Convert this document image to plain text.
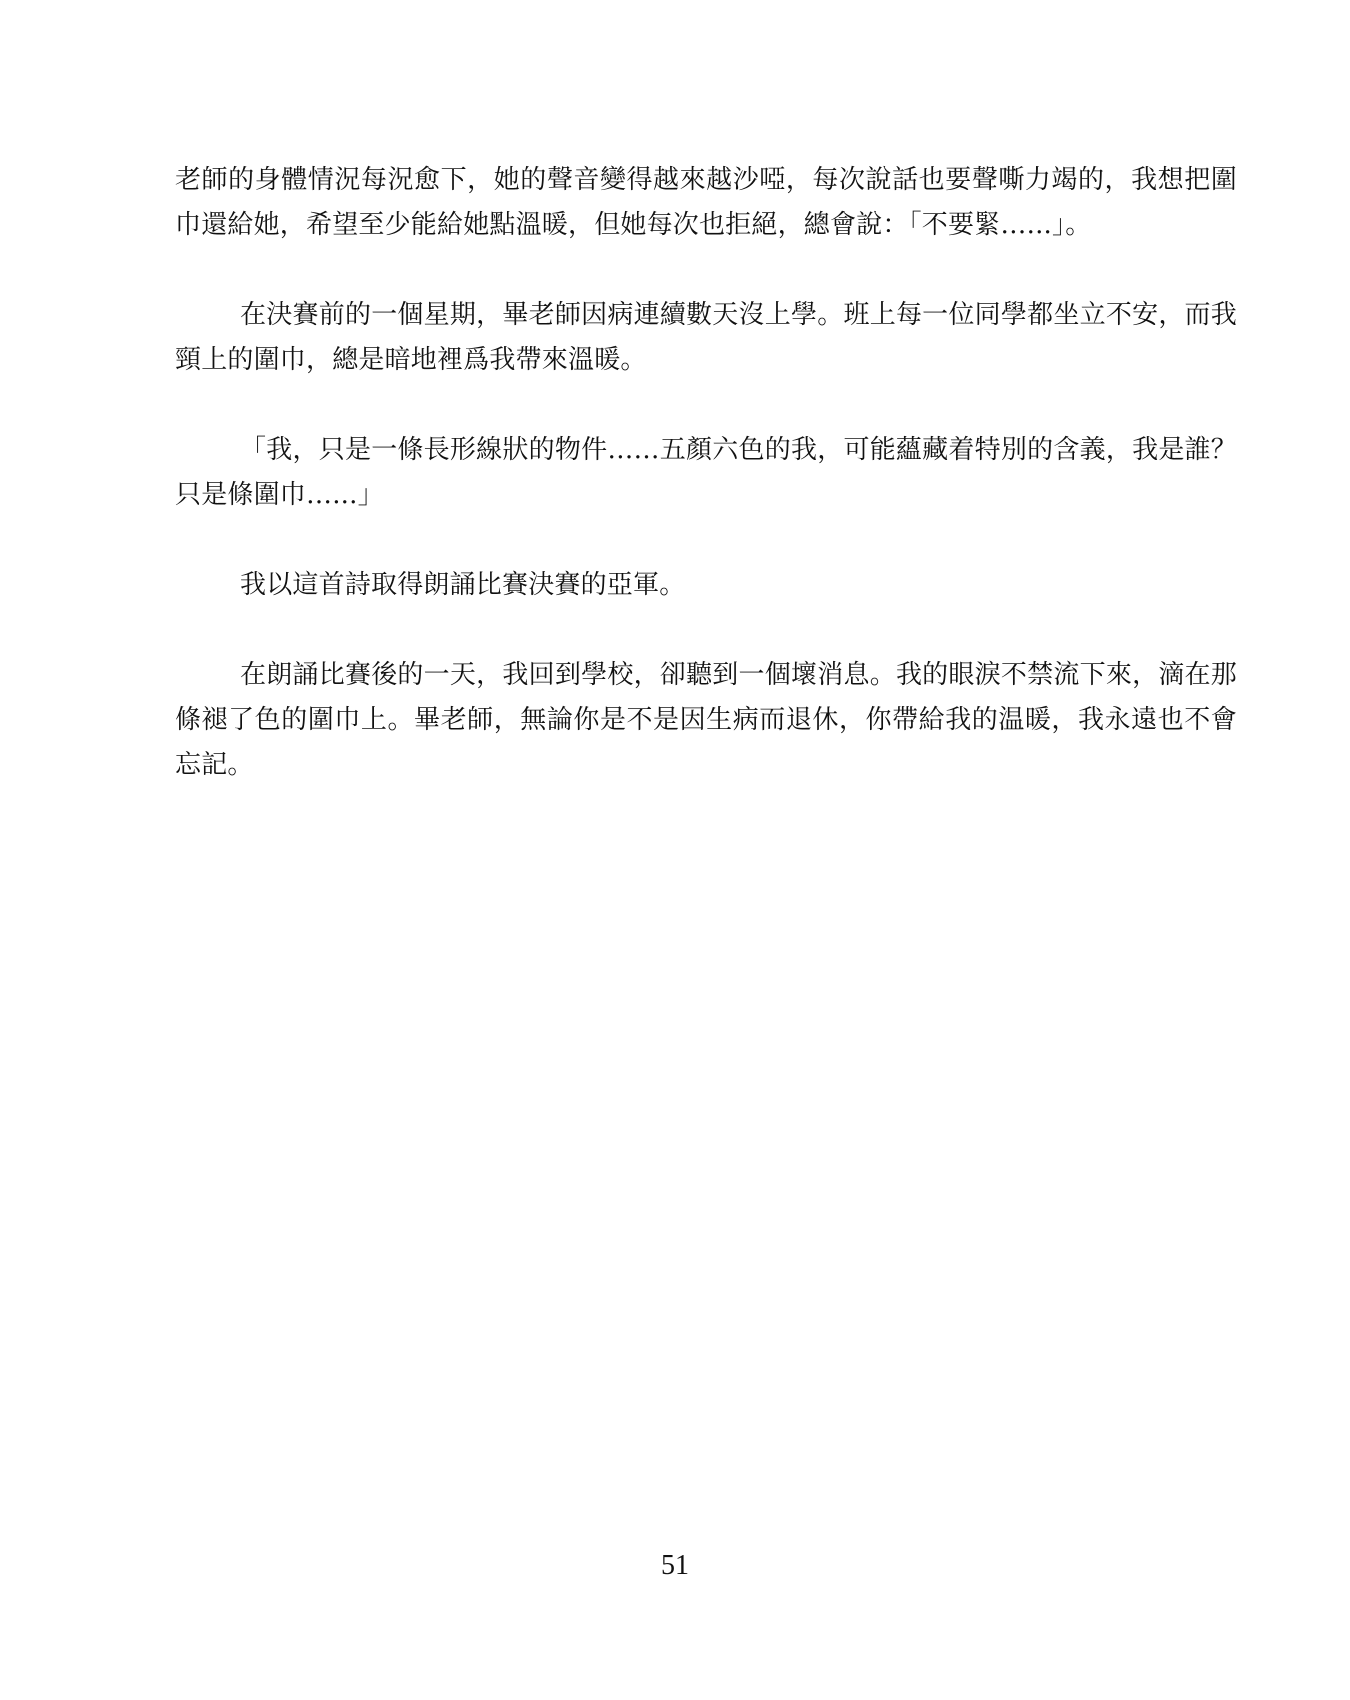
老師的身體情況每況愈下，她的聲音變得越來越沙啞，每次說話也要聲嘶力竭的，我想把圍巾還給她，希望至少能給她點溫暖，但她每次也拒絕，總會說：「不要緊…...」。

在決賽前的一個星期，畢老師因病連續數天沒上學。班上每一位同學都坐立不安，而我頸上的圍巾，總是暗地裡爲我帶來溫暖。

「我，只是一條長形線狀的物件……五顏六色的我，可能蘊藏着特別的含義，我是誰？只是條圍巾…...」

我以這首詩取得朗誦比賽決賽的亞軍。

在朗誦比賽後的一天，我回到學校，卻聽到一個壞消息。我的眼淚不禁流下來，滴在那條褪了色的圍巾上。畢老師，無論你是不是因生病而退休，你帶給我的温暖，我永遠也不會忘記。

51
